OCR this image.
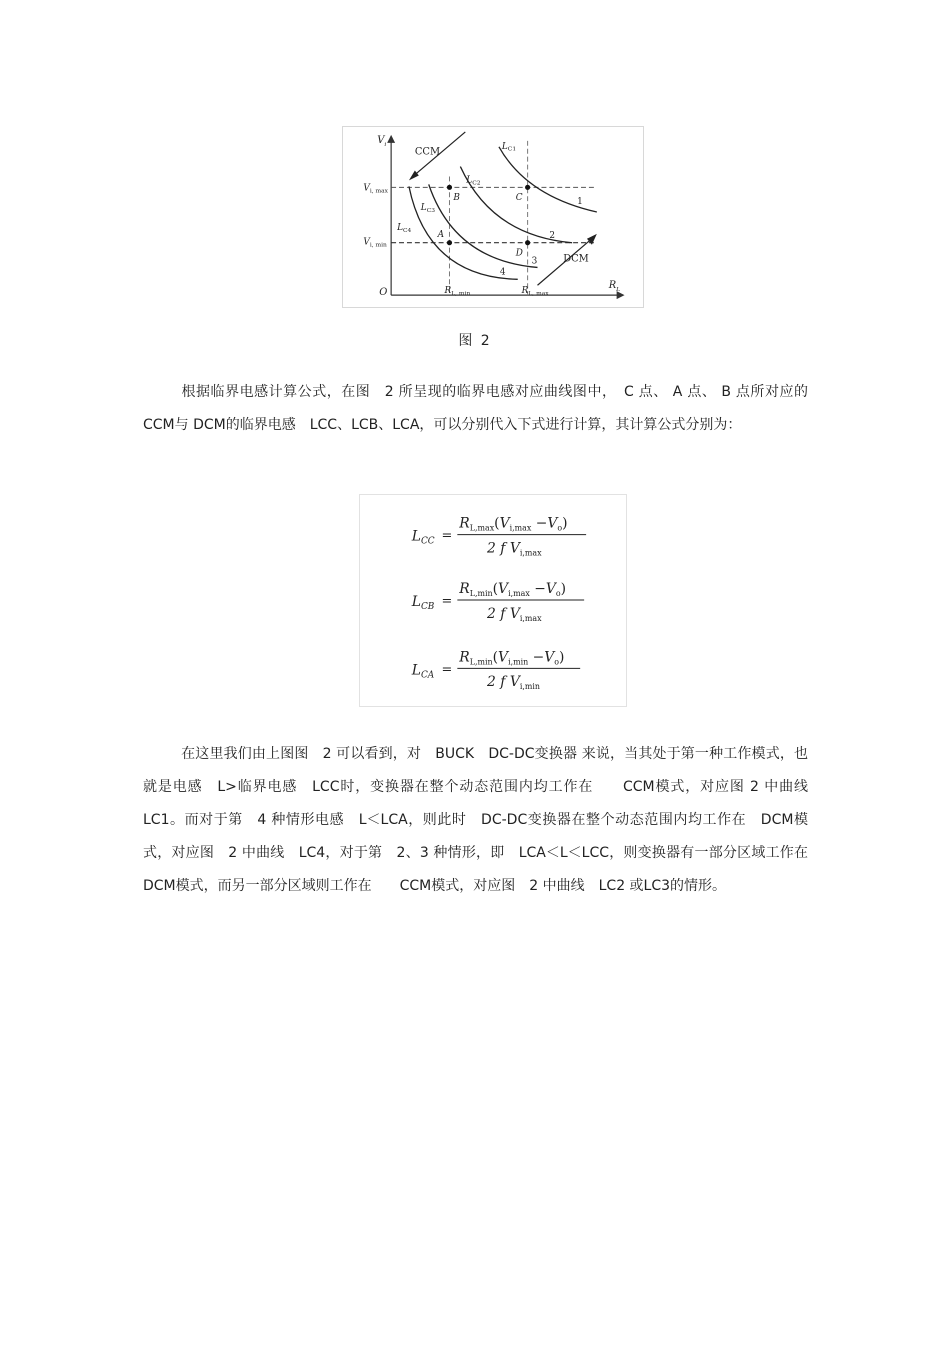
$V_i$
$R_L$
O
$V_{i, max}$
$V_{i, min}$
$R_{L, min}$	$R_{L, max}$
CCM
DCM
$L_{C1}$
$L_{C2}$
$L_{C3}$
$L_{C4}$	A
B	C
D
1
2
3
4
图 2

根据临界电感计算公式，在图　2 所呈现的临界电感对应曲线图中，　C 点、 A 点、 B 点所对应的 CCM与 DCM的临界电感　LCC、LCB、LCA，可以分别代入下式进行计算，其计算公式分别为：

$L_{CC}$ =
$R_{L,max}(V_{i,max} -V_o)$
2 f $V_{i,max}$
$L_{CB}$ =
$R_{L,min}(V_{i,max} -V_o)$
2 f $V_{i,max}$
$L_{CA}$ =
$R_{L,min}(V_{i,min} -V_o)$
2 f $V_{i,min}$

在这里我们由上图图　2 可以看到，对　BUCK　DC-DC变换器 来说，当其处于第一种工作模式，也就是电感　L>临界电感　LCC时，变换器在整个动态范围内均工作在　　CCM模式，对应图 2 中曲线　LC1。而对于第　4 种情形电感　L＜LCA，则此时　DC-DC变换器在整个动态范围内均工作在　DCM模式，对应图　2 中曲线　LC4，对于第　2、3 种情形，即　LCA＜L＜LCC，则变换器有一部分区域工作在　　DCM模式，而另一部分区域则工作在　　CCM模式，对应图　2 中曲线　LC2 或LC3的情形。
